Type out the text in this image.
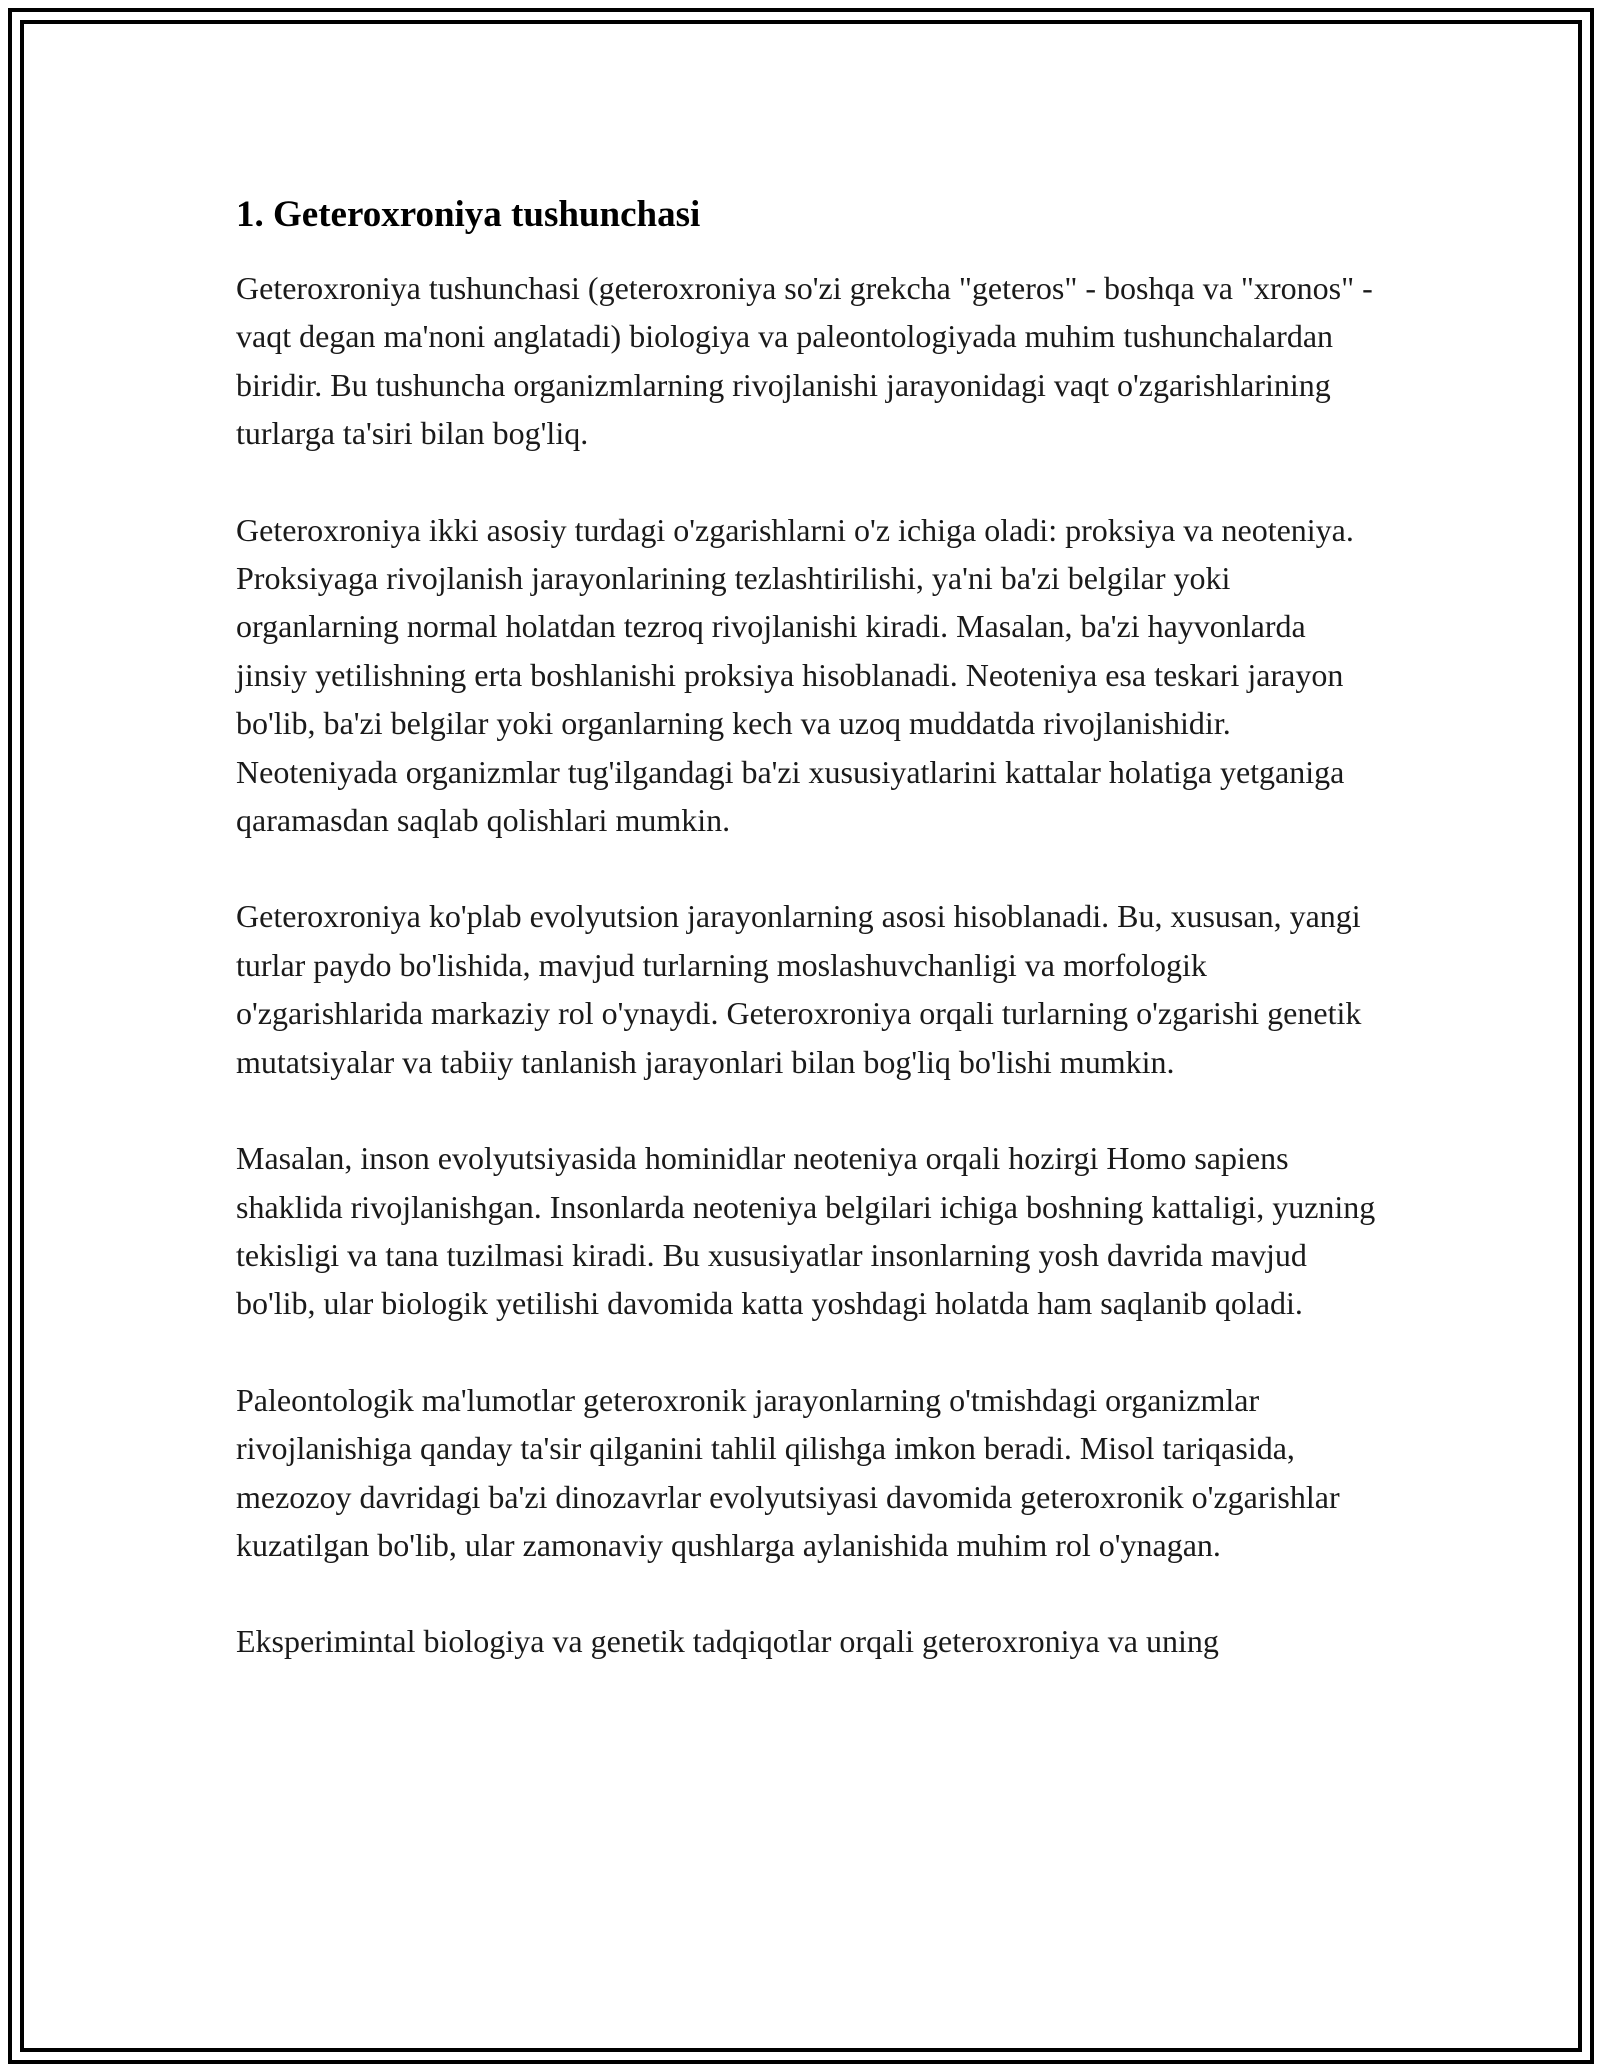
1. Geteroxroniya tushunchasi

Geteroxroniya tushunchasi (geteroxroniya so'zi grekcha "geteros" - boshqa va "xronos" - vaqt degan ma'noni anglatadi) biologiya va paleontologiyada muhim tushunchalardan biridir. Bu tushuncha organizmlarning rivojlanishi jarayonidagi vaqt o'zgarishlarining turlarga ta'siri bilan bog'liq.

Geteroxroniya ikki asosiy turdagi o'zgarishlarni o'z ichiga oladi: proksiya va neoteniya. Proksiyaga rivojlanish jarayonlarining tezlashtirilishi, ya'ni ba'zi belgilar yoki organlarning normal holatdan tezroq rivojlanishi kiradi. Masalan, ba'zi hayvonlarda jinsiy yetilishning erta boshlanishi proksiya hisoblanadi. Neoteniya esa teskari jarayon bo'lib, ba'zi belgilar yoki organlarning kech va uzoq muddatda rivojlanishidir. Neoteniyada organizmlar tug'ilgandagi ba'zi xususiyatlarini kattalar holatiga yetganiga qaramasdan saqlab qolishlari mumkin.

Geteroxroniya ko'plab evolyutsion jarayonlarning asosi hisoblanadi. Bu, xususan, yangi turlar paydo bo'lishida, mavjud turlarning moslashuvchanligi va morfologik o'zgarishlarida markaziy rol o'ynaydi. Geteroxroniya orqali turlarning o'zgarishi genetik mutatsiyalar va tabiiy tanlanish jarayonlari bilan bog'liq bo'lishi mumkin.

Masalan, inson evolyutsiyasida hominidlar neoteniya orqali hozirgi Homo sapiens shaklida rivojlanishgan. Insonlarda neoteniya belgilari ichiga boshning kattaligi, yuzning tekisligi va tana tuzilmasi kiradi. Bu xususiyatlar insonlarning yosh davrida mavjud bo'lib, ular biologik yetilishi davomida katta yoshdagi holatda ham saqlanib qoladi.

Paleontologik ma'lumotlar geteroxronik jarayonlarning o'tmishdagi organizmlar rivojlanishiga qanday ta'sir qilganini tahlil qilishga imkon beradi. Misol tariqasida, mezozoy davridagi ba'zi dinozavrlar evolyutsiyasi davomida geteroxronik o'zgarishlar kuzatilgan bo'lib, ular zamonaviy qushlarga aylanishida muhim rol o'ynagan.

Eksperimintal biologiya va genetik tadqiqotlar orqali geteroxroniya va uning
